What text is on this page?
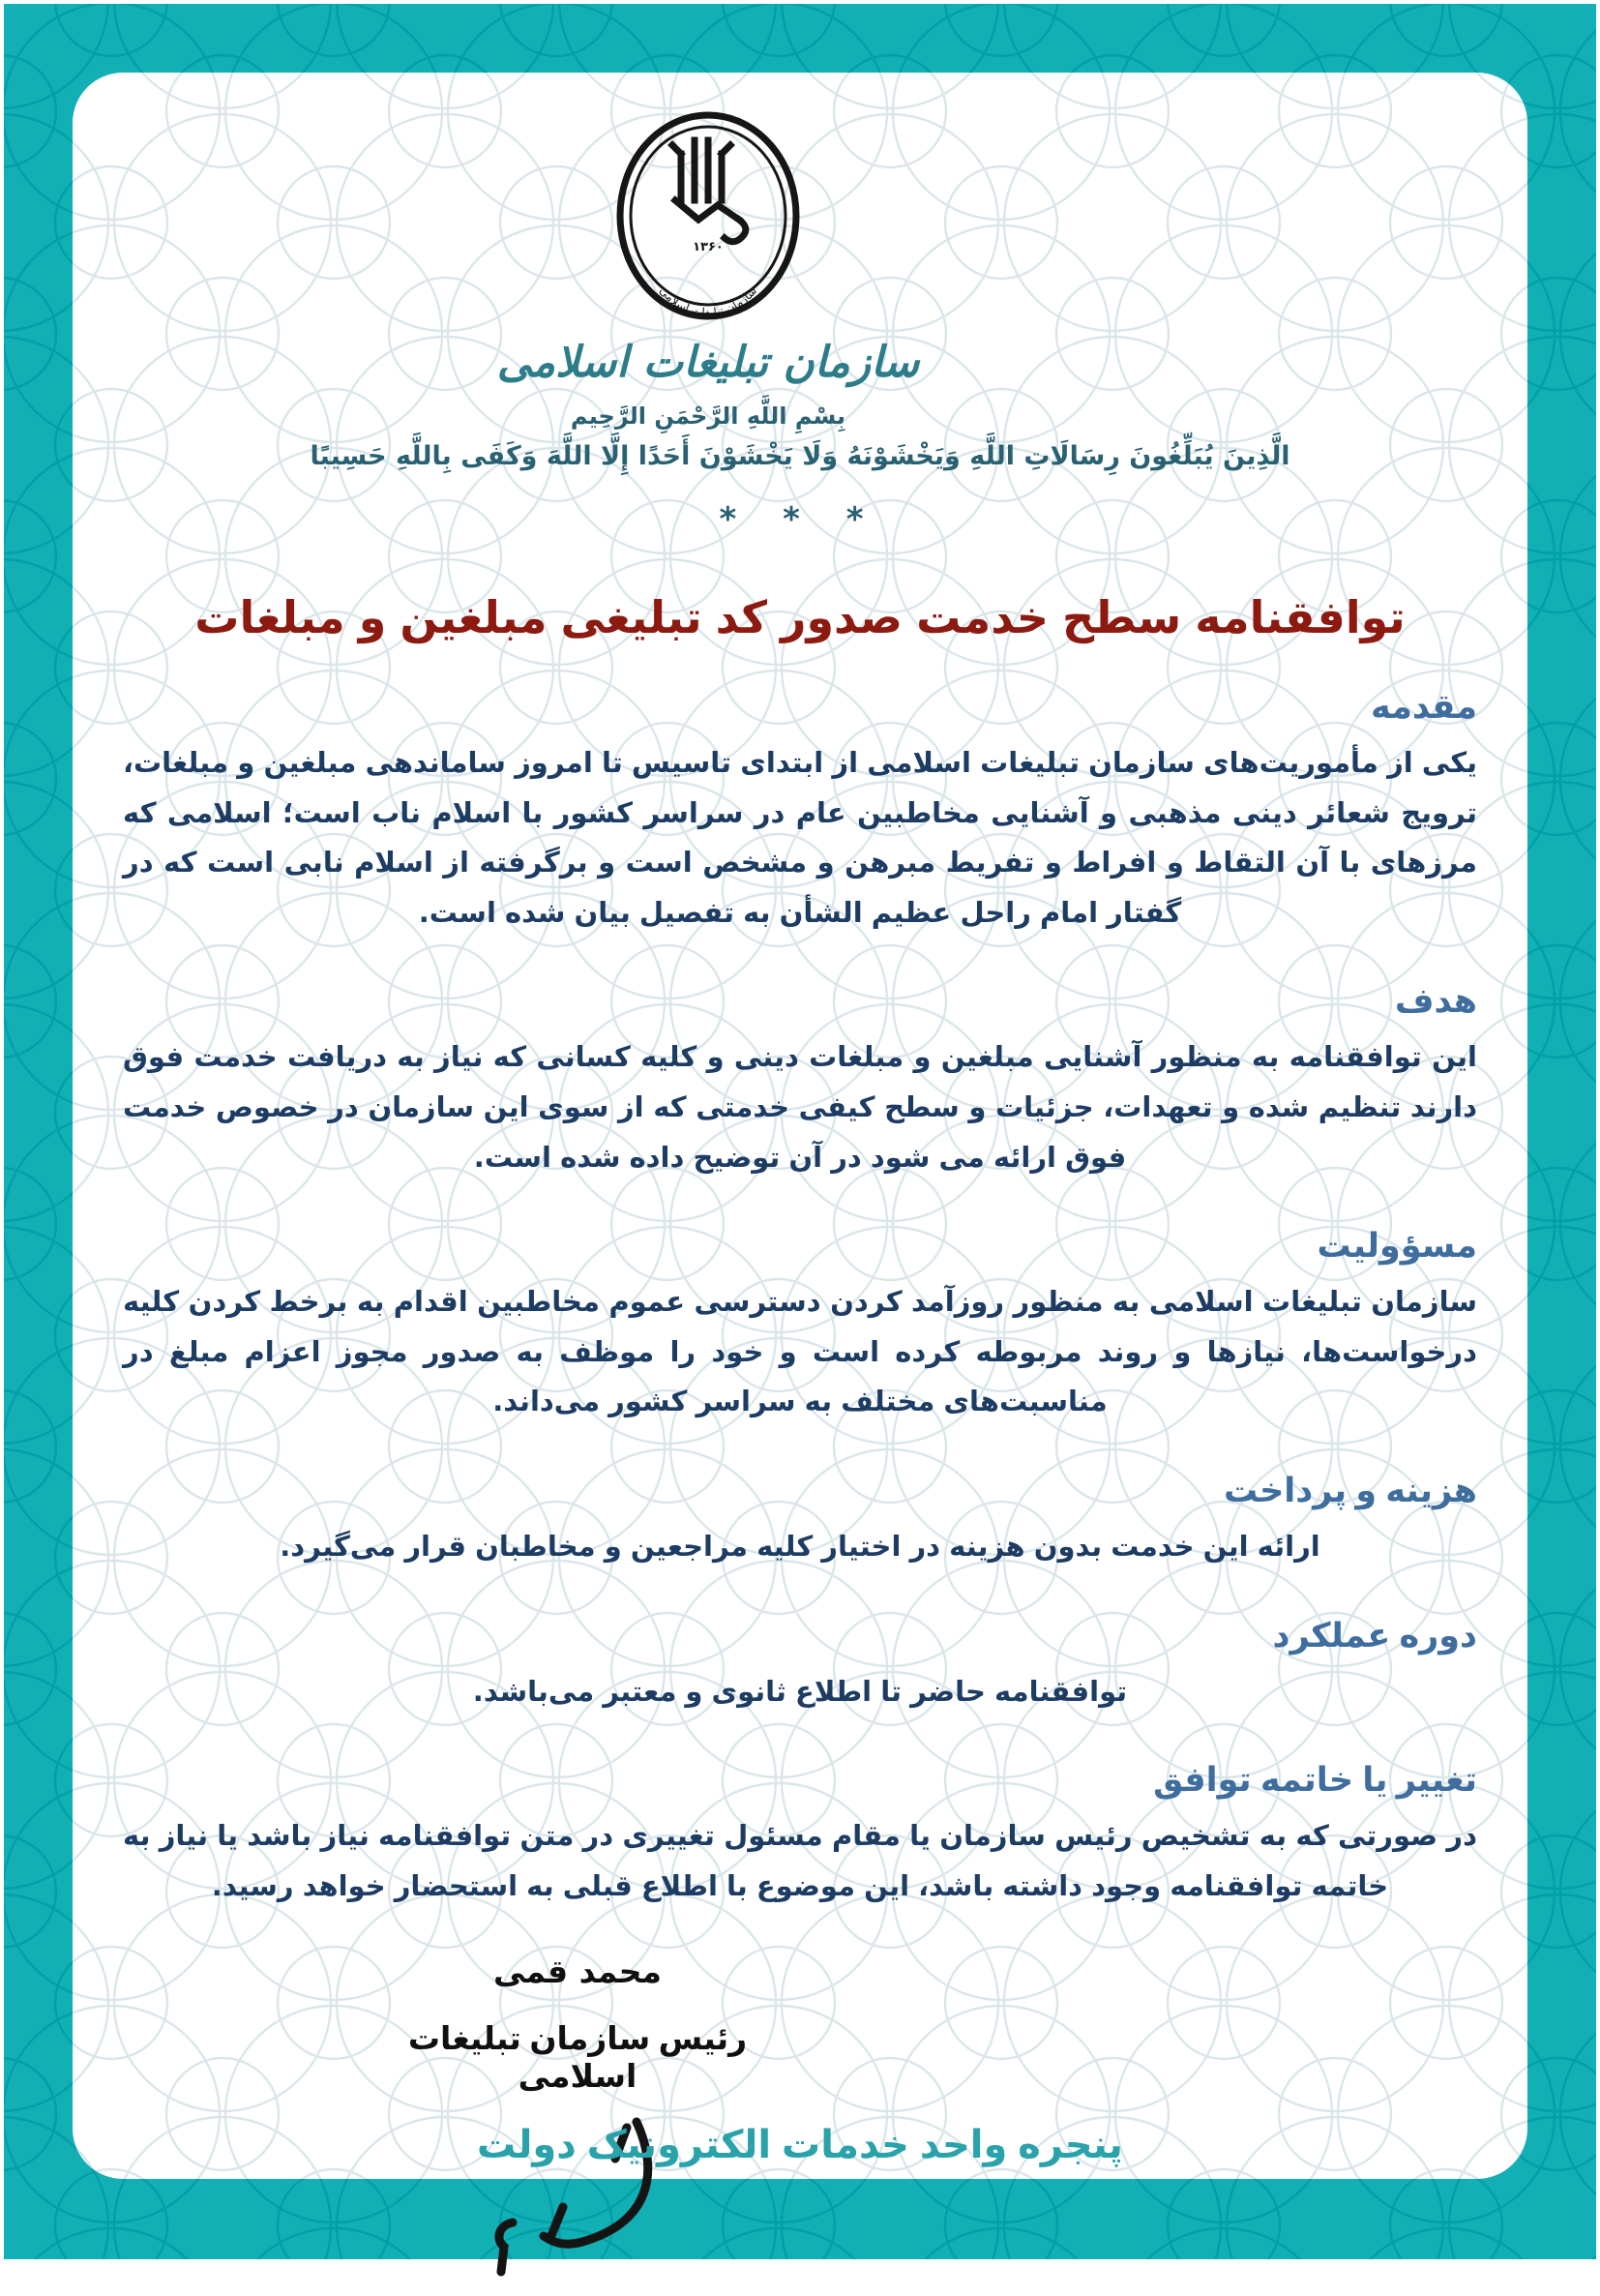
۱۳۶۰
سازمان تبلیغات اسلامی
سازمان تبلیغات اسلامی
بِسْمِ اللَّهِ الرَّحْمَنِ الرَّحِيم
الَّذِينَ يُبَلِّغُونَ رِسَالَاتِ اللَّهِ وَيَخْشَوْنَهُ وَلَا يَخْشَوْنَ أَحَدًا إِلَّا اللَّهَ وَكَفَى بِاللَّهِ حَسِيبًا
* * *
توافقنامه سطح خدمت صدور کد تبلیغی مبلغین و مبلغات
مقدمه

یکی از مأموریت‌های سازمان تبلیغات اسلامی از ابتدای تاسیس تا امروز ساماندهی مبلغین و مبلغات، ترویج شعائر دینی مذهبی و آشنایی مخاطبین عام در سراسر کشور با اسلام ناب است؛ اسلامی که مرزهای با آن التقاط و افراط و تفریط مبرهن و مشخص است و برگرفته از اسلام نابی است که در گفتار امام راحل عظیم الشأن به تفصیل بیان شده است.

هدف

این توافقنامه به منظور آشنایی مبلغین و مبلغات دینی و کلیه کسانی که نیاز به دریافت خدمت فوق دارند تنظیم شده و تعهدات، جزئیات و سطح کیفی خدمتی که از سوی این سازمان در خصوص خدمت فوق ارائه می شود در آن توضیح داده شده است.

مسؤولیت

سازمان تبلیغات اسلامی به منظور روزآمد کردن دسترسی عموم مخاطبین اقدام به برخط کردن کلیه درخواست‌ها، نیازها و روند مربوطه کرده است و خود را موظف به صدور مجوز اعزام مبلغ در مناسبت‌های مختلف به سراسر کشور می‌داند.

هزینه و پرداخت

ارائه این خدمت بدون هزینه در اختیار کلیه مراجعین و مخاطبان قرار می‌گیرد.

دوره عملکرد

توافقنامه حاضر تا اطلاع ثانوی و معتبر می‌باشد.

تغییر یا خاتمه توافق

در صورتی که به تشخیص رئیس سازمان یا مقام مسئول تغییری در متن توافقنامه نیاز باشد یا نیاز به خاتمه توافقنامه وجود داشته باشد، این موضوع با اطلاع قبلی به استحضار خواهد رسید.

محمد قمی
رئیس سازمان تبلیغات اسلامی
پنجره واحد خدمات الکترونیک دولت
